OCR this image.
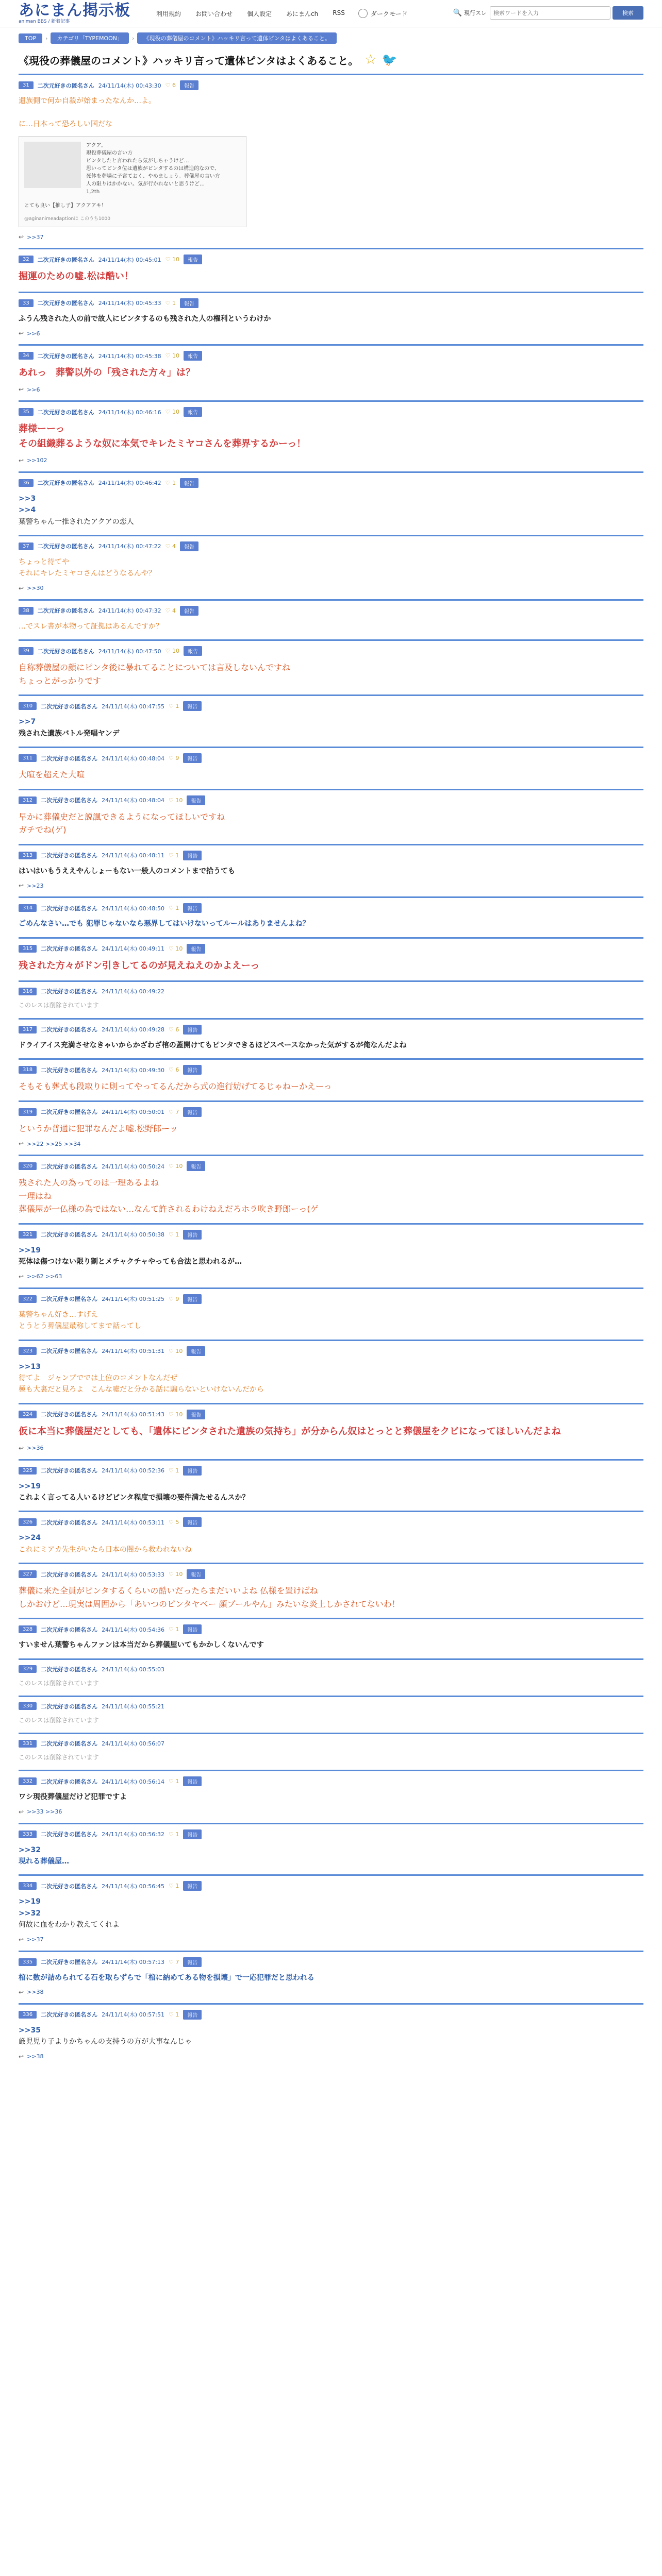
あにまん掲示板
animan BBS / 新着記事
利用規約	お問い合わせ	個人設定	あにまんch	RSS	ダークモード	🔍 現行スレ
検索ワードを入力	検索
TOP	›	カテゴリ「TYPEMOON」	›	《現役の葬儀屋のコメント》ハッキリ言って遺体ピンタはよくあること。
《現役の葬儀屋のコメント》ハッキリ言って遺体ピンタはよくあること。 ☆ 🐦
31	二次元好きの匿名さん 24/11/14(木) 00:43:30 ♡ 6	報告
遺族側で何か自殺が始まったなんか…よ。

に…日本って恐ろしい国だな
アクア。
現役葬儀屋の言い方
ピンタしたと言われたら気がしちゃうけど…
思いってピンタ位は遺族がビンタするのは構造的なので、
死体を葬場に子宮ておく、やめましょう。葬儀屋の言い方
人の限りはかかない。気が行かれないと思うけど…
1,2th
とても良い【推し子】アクアアキ！
@aginanimeadaptionは このうち1000
↩ >>37
32	二次元好きの匿名さん 24/11/14(木) 00:45:01 ♡ 10	報告
掘運のための嘘.松は酷い！
33	二次元好きの匿名さん 24/11/14(木) 00:45:33 ♡ 1	報告
ふうん残された人の前で故人にピンタするのも残された人の権利というわけか
↩ >>6
34	二次元好きの匿名さん 24/11/14(木) 00:45:38 ♡ 10	報告
あれっ　葬警以外の「残された方々」は？
↩ >>6
35	二次元好きの匿名さん 24/11/14(木) 00:46:16 ♡ 10	報告
葬様ーーっ
その組織葬るような奴に本気でキレたミヤコさんを葬界するかーっ！
↩ >>102
36	二次元好きの匿名さん 24/11/14(木) 00:46:42 ♡ 1	報告
>>3
>>4
葉警ちゃん一推されたアクアの恋人
37	二次元好きの匿名さん 24/11/14(木) 00:47:22 ♡ 4	報告
ちょっと待てや
それにキレたミヤコさんはどうなるんや？
↩ >>30
38	二次元好きの匿名さん 24/11/14(木) 00:47:32 ♡ 4	報告
…でスレ書が本物って証拠はあるんですか？
39	二次元好きの匿名さん 24/11/14(木) 00:47:50 ♡ 10	報告
自称葬儀屋の顔にピンタ後に暴れてることについては言及しないんですね
ちょっとがっかりです
310	二次元好きの匿名さん 24/11/14(木) 00:47:55 ♡ 1	報告
>>7
残された遺族バトル発唱ヤンデ
311	二次元好きの匿名さん 24/11/14(木) 00:48:04 ♡ 9	報告
大喧を超えた大喧
312	二次元好きの匿名さん 24/11/14(木) 00:48:04 ♡ 10	報告
早かに葬儀史だと説諷できるようになってほしいですね
ガチでね(ゲ)
313	二次元好きの匿名さん 24/11/14(木) 00:48:11 ♡ 1	報告
はいはいもうええやんしょーもない一般人のコメントまで拾うても
↩ >>23
314	二次元好きの匿名さん 24/11/14(木) 00:48:50 ♡ 1	報告
ごめんなさい…でも 犯罪じゃないなら悪界してはいけないってルールはありませんよね？
315	二次元好きの匿名さん 24/11/14(木) 00:49:11 ♡ 10	報告
残された方々がドン引きしてるのが見えねえのかよえーっ
316	二次元好きの匿名さん 24/11/14(木) 00:49:22
このレスは削除されています
317	二次元好きの匿名さん 24/11/14(木) 00:49:28 ♡ 6	報告
ドライアイス充満させなきゃいからかざわざ棺の蓋開けてもピンタできるほどスペースなかった気がするが俺なんだよね
318	二次元好きの匿名さん 24/11/14(木) 00:49:30 ♡ 6	報告
そもそも葬式も段取りに則ってやってるんだから式の進行妨げてるじゃねーかえーっ
319	二次元好きの匿名さん 24/11/14(木) 00:50:01 ♡ 7	報告
というか普通に犯罪なんだよ嘘.松野郎ーッ
↩ >>22 >>25 >>34
320	二次元好きの匿名さん 24/11/14(木) 00:50:24 ♡ 10	報告
残された人の為ってのは一理あるよね
一理はね
葬儀屋が一仏様の為ではない…なんて許されるわけねえだろホラ吹き野郎ーっ(ゲ
321	二次元好きの匿名さん 24/11/14(木) 00:50:38 ♡ 1	報告
>>19
死体は傷つけない限り割とメチャクチャやっても合法と思われるが…
↩ >>62 >>63
322	二次元好きの匿名さん 24/11/14(木) 00:51:25 ♡ 9	報告
葉警ちゃん好き…すげえ
とうとう葬儀屋最称してまで話ってし
323	二次元好きの匿名さん 24/11/14(木) 00:51:31 ♡ 10	報告
>>13
待てよ　ジャンプででは上位のコメントなんだぜ
極も大裏だと見ろよ　こんな嘘だと分かる話に騙らないといけないんだから
324	二次元好きの匿名さん 24/11/14(木) 00:51:43 ♡ 10	報告
仮に本当に葬儀屋だとしても、「遺体にピンタされた遺族の気持ち」が分からん奴はとっとと葬儀屋をクビになってほしいんだよね
↩ >>36
325	二次元好きの匿名さん 24/11/14(木) 00:52:36 ♡ 1	報告
>>19
これよく言ってる人いるけどピンタ程度で損壊の要件満たせるんスか？
326	二次元好きの匿名さん 24/11/14(木) 00:53:11 ♡ 5	報告
>>24
これにミアカ先生がいたら日本の闇から救われないね
327	二次元好きの匿名さん 24/11/14(木) 00:53:33 ♡ 10	報告
葬儀に来た全員がピンタするくらいの酷いだったらまだいいよね 仏様を置けばね
しかおけど…現実は周囲から「あいつのピンタヤベー 顔ブールやん」みたいな炎上しかされてないわ！
328	二次元好きの匿名さん 24/11/14(木) 00:54:36 ♡ 1	報告
すいません葉警ちゃんファンは本当だから葬儀屋いてもかかしくないんです
329	二次元好きの匿名さん 24/11/14(木) 00:55:03
このレスは削除されています
330	二次元好きの匿名さん 24/11/14(木) 00:55:21
このレスは削除されています
331	二次元好きの匿名さん 24/11/14(木) 00:56:07
このレスは削除されています
332	二次元好きの匿名さん 24/11/14(木) 00:56:14 ♡ 1	報告
ワシ現役葬儀屋だけど犯罪ですよ
↩ >>33 >>36
333	二次元好きの匿名さん 24/11/14(木) 00:56:32 ♡ 1	報告
>>32
現れる葬儀屋…
334	二次元好きの匿名さん 24/11/14(木) 00:56:45 ♡ 1	報告
>>19
>>32
何故に血をわかり教えてくれよ
↩ >>37
335	二次元好きの匿名さん 24/11/14(木) 00:57:13 ♡ 7	報告
棺に数が詰められてる石を取らずらで「棺に納めてある物を損壊」で一応犯罪だと思われる
↩ >>38
336	二次元好きの匿名さん 24/11/14(木) 00:57:51 ♡ 1	報告
>>35
厳児児り子よりかちゃんの支持うの方が大事なんじゃ
↩ >>38
